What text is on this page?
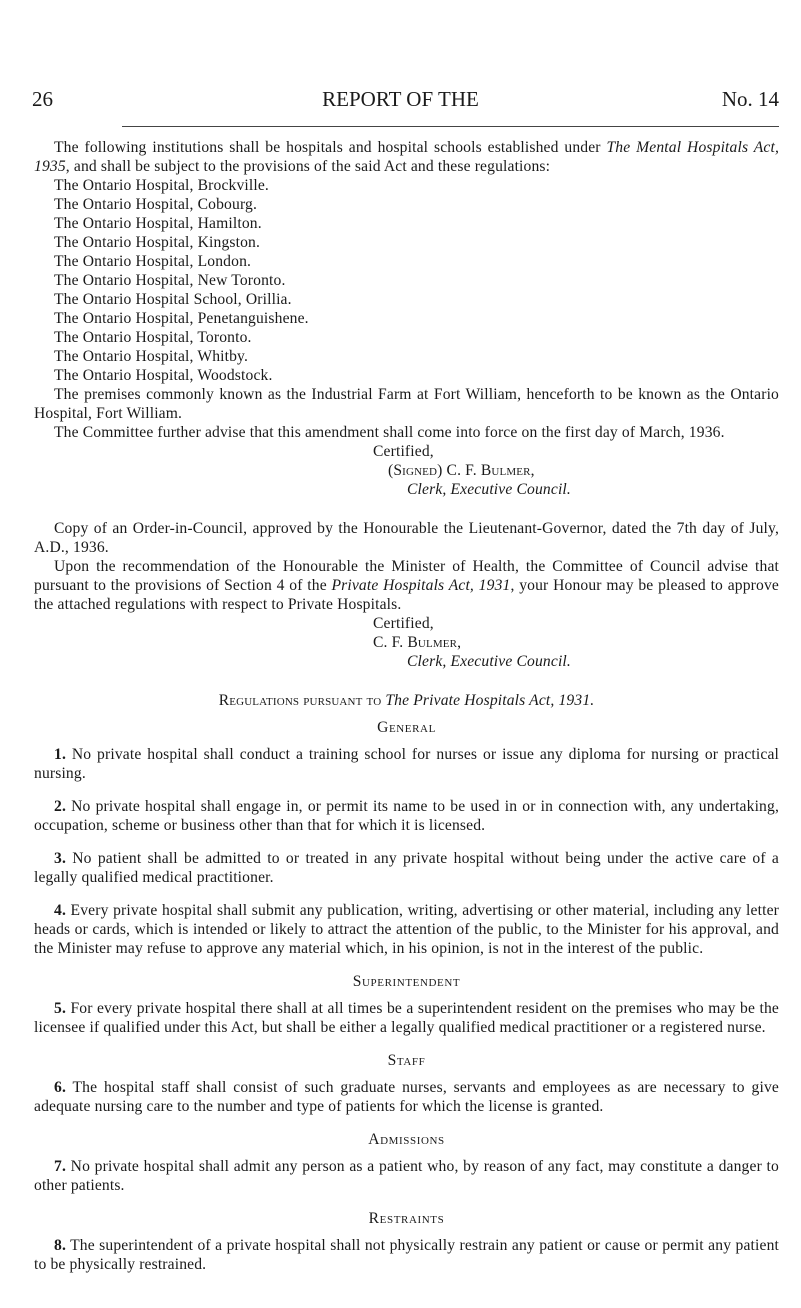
26	REPORT OF THE	No. 14

The following institutions shall be hospitals and hospital schools established under The Mental Hospitals Act, 1935, and shall be subject to the provisions of the said Act and these regulations:

The Ontario Hospital, Brockville.
The Ontario Hospital, Cobourg.
The Ontario Hospital, Hamilton.
The Ontario Hospital, Kingston.
The Ontario Hospital, London.
The Ontario Hospital, New Toronto.
The Ontario Hospital School, Orillia.
The Ontario Hospital, Penetanguishene.
The Ontario Hospital, Toronto.
The Ontario Hospital, Whitby.
The Ontario Hospital, Woodstock.

The premises commonly known as the Industrial Farm at Fort William, henceforth to be known as the Ontario Hospital, Fort William.

The Committee further advise that this amendment shall come into force on the first day of March, 1936.

Certified,
(Signed) C. F. Bulmer,
Clerk, Executive Council.

Copy of an Order-in-Council, approved by the Honourable the Lieutenant-Governor, dated the 7th day of July, A.D., 1936.

Upon the recommendation of the Honourable the Minister of Health, the Committee of Council advise that pursuant to the provisions of Section 4 of the Private Hospitals Act, 1931, your Honour may be pleased to approve the attached regulations with respect to Private Hospitals.

Certified,
C. F. Bulmer,
Clerk, Executive Council.
Regulations pursuant to The Private Hospitals Act, 1931.
General

1. No private hospital shall conduct a training school for nurses or issue any diploma for nursing or practical nursing.

2. No private hospital shall engage in, or permit its name to be used in or in connection with, any undertaking, occupation, scheme or business other than that for which it is licensed.

3. No patient shall be admitted to or treated in any private hospital without being under the active care of a legally qualified medical practitioner.

4. Every private hospital shall submit any publication, writing, advertising or other material, including any letter heads or cards, which is intended or likely to attract the attention of the public, to the Minister for his approval, and the Minister may refuse to approve any material which, in his opinion, is not in the interest of the public.

Superintendent

5. For every private hospital there shall at all times be a superintendent resident on the premises who may be the licensee if qualified under this Act, but shall be either a legally qualified medical practitioner or a registered nurse.

Staff

6. The hospital staff shall consist of such graduate nurses, servants and employees as are necessary to give adequate nursing care to the number and type of patients for which the license is granted.

Admissions

7. No private hospital shall admit any person as a patient who, by reason of any fact, may constitute a danger to other patients.

Restraints

8. The superintendent of a private hospital shall not physically restrain any patient or cause or permit any patient to be physically restrained.
